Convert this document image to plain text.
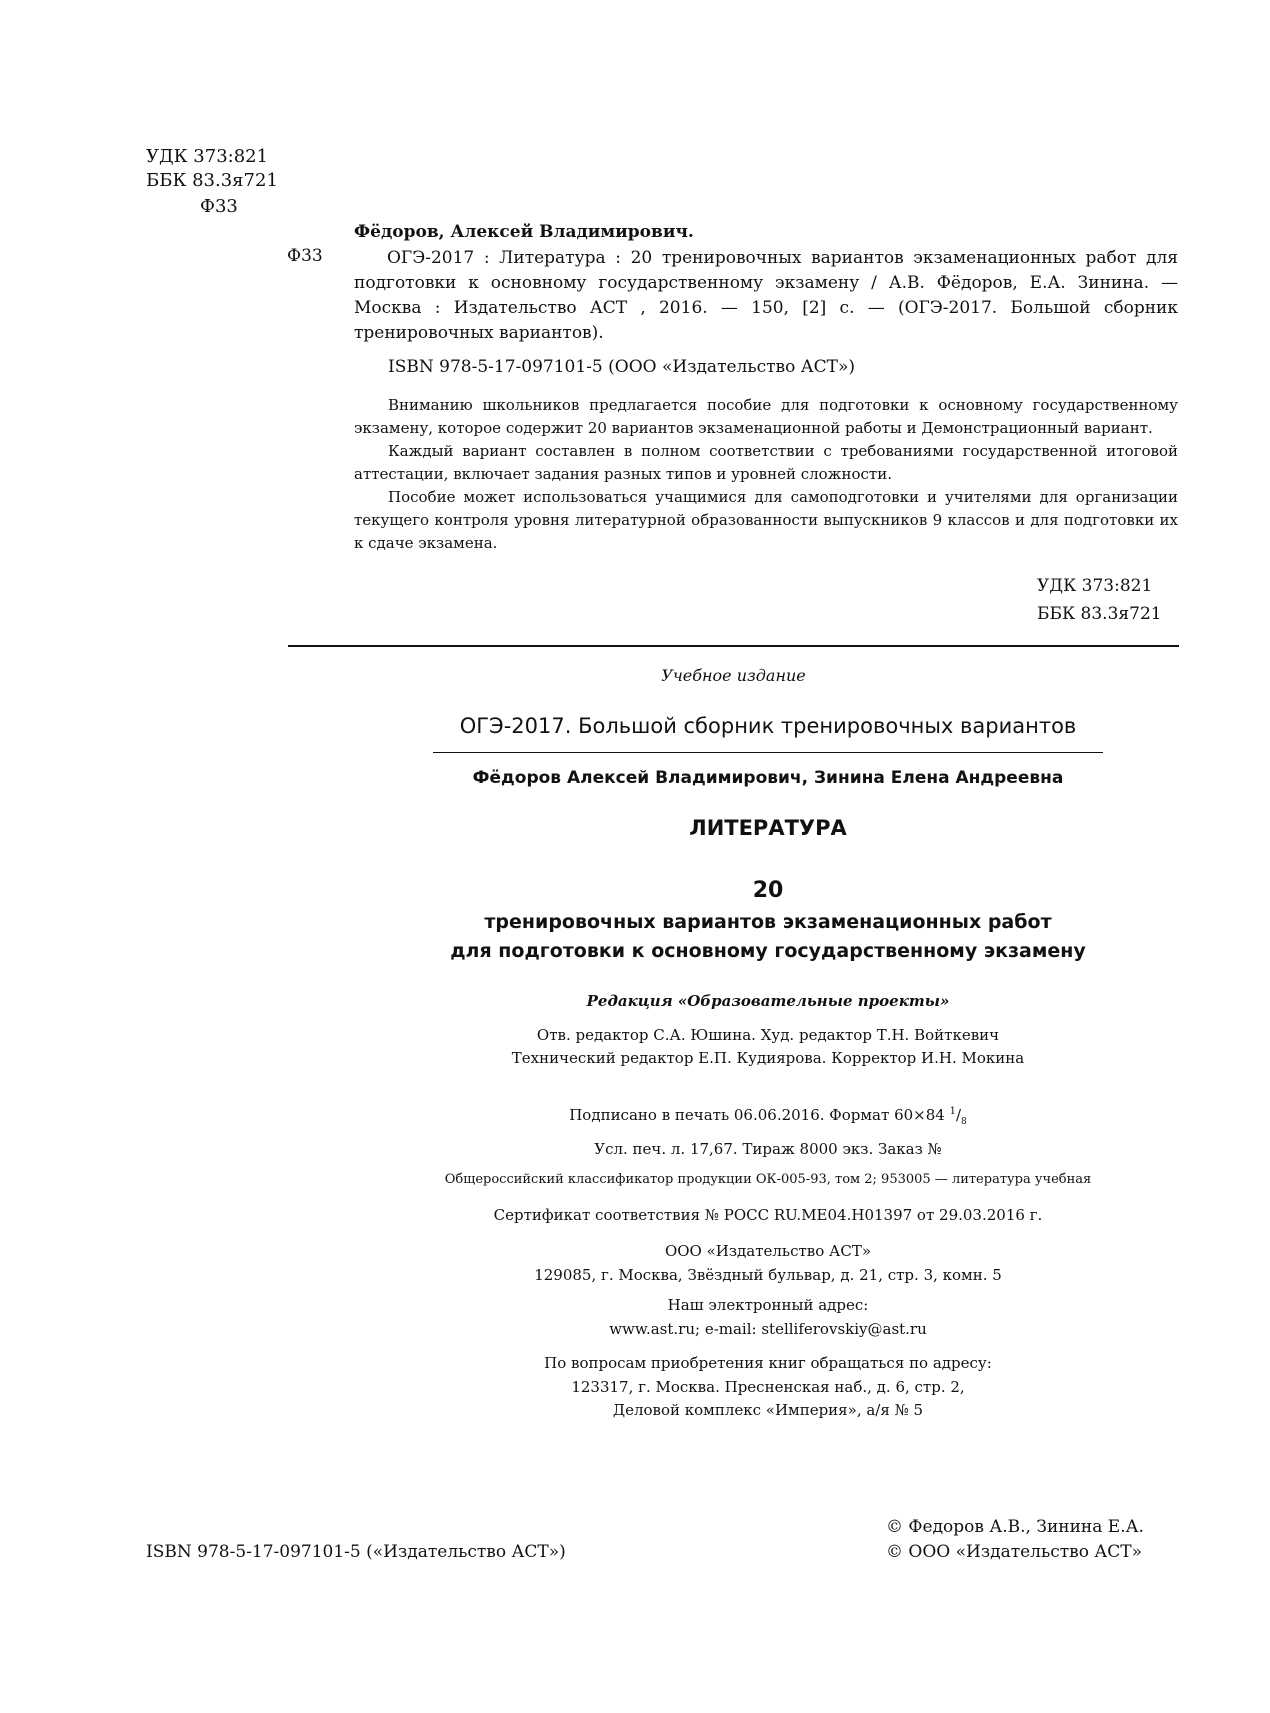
УДК 373:821
ББК 83.3я721
Ф33
Фёдоров, Алексей Владимирович.
Ф33	ОГЭ-2017 : Литература : 20 тренировочных вариантов экзаменационных работ для подготовки к основному государственному экзамену / А.В. Фёдоров, Е.А. Зинина. — Москва : Издательство АСТ , 2016. — 150, [2] с. — (ОГЭ-2017. Большой сборник тренировочных вариантов).
ISBN 978-5-17-097101-5 (ООО «Издательство АСТ»)
Вниманию школьников предлагается пособие для подготовки к основному государственному экзамену, которое содержит 20 вариантов экзаменационной работы и Демонстрационный вариант.
Каждый вариант составлен в полном соответствии с требованиями государственной итоговой аттестации, включает задания разных типов и уровней сложности.
Пособие может использоваться учащимися для самоподготовки и учителями для организации текущего контроля уровня литературной образованности выпускников 9 классов и для подготовки их к сдаче экзамена.
УДК 373:821
ББК 83.3я721
Учебное издание
ОГЭ-2017. Большой сборник тренировочных вариантов
Фёдоров Алексей Владимирович, Зинина Елена Андреевна
ЛИТЕРАТУРА
20
тренировочных вариантов экзаменационных работ
для подготовки к основному государственному экзамену
Редакция «Образовательные проекты»
Отв. редактор С.А. Юшина. Худ. редактор Т.Н. Войткевич
Технический редактор Е.П. Кудиярова. Корректор И.Н. Мокина
Подписано в печать 06.06.2016. Формат 60×84 $^1/_8$
Усл. печ. л. 17,67. Тираж 8000 экз. Заказ №
Общероссийский классификатор продукции ОК-005-93, том 2; 953005 — литература учебная
Сертификат соответствия № РОСС RU.МЕ04.Н01397 от 29.03.2016 г.
ООО «Издательство АСТ»
129085, г. Москва, Звёздный бульвар, д. 21, стр. 3, комн. 5
Наш электронный адрес:
www.ast.ru; e-mail: stelliferovskiy@ast.ru
По вопросам приобретения книг обращаться по адресу:
123317, г. Москва. Пресненская наб., д. 6, стр. 2,
Деловой комплекс «Империя», а/я № 5
ISBN 978-5-17-097101-5 («Издательство АСТ»)
© Федоров А.В., Зинина Е.А.
© ООО «Издательство АСТ»
